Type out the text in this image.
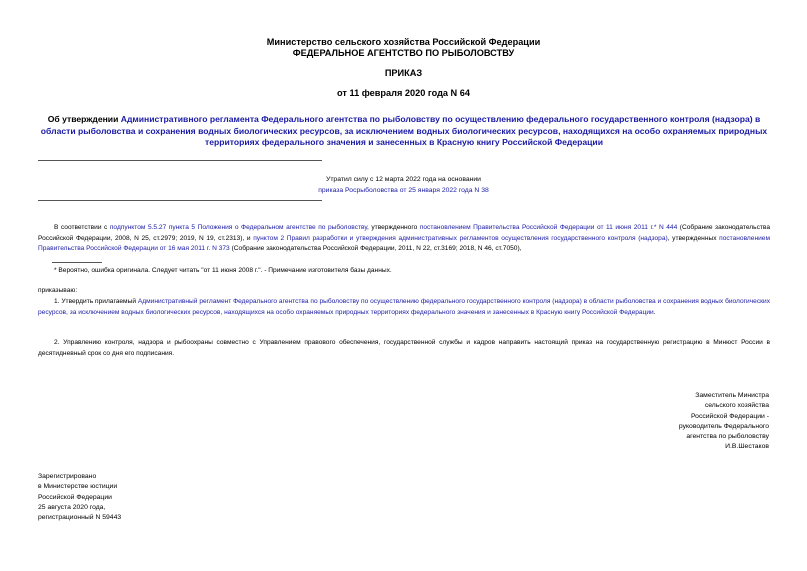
Министерство сельского хозяйства Российской Федерации
ФЕДЕРАЛЬНОЕ АГЕНТСТВО ПО РЫБОЛОВСТВУ
ПРИКАЗ
от 11 февраля 2020 года N 64
Об утверждении Административного регламента Федерального агентства по рыболовству по осуществлению федерального государственного контроля (надзора) в области рыболовства и сохранения водных биологических ресурсов, за исключением водных биологических ресурсов, находящихся на особо охраняемых природных территориях федерального значения и занесенных в Красную книгу Российской Федерации
Утратил силу с 12 марта 2022 года на основании
приказа Росрыболовства от 25 января 2022 года N 38
В соответствии с подпунктом 5.5.27 пункта 5 Положения о Федеральном агентстве по рыболовству, утвержденного постановлением Правительства Российской Федерации от 11 июня 2011 г.* N 444 (Собрание законодательства Российской Федерации, 2008, N 25, ст.2979; 2019, N 19, ст.2313), и пунктом 2 Правил разработки и утверждения административных регламентов осуществления государственного контроля (надзора), утвержденных постановлением Правительства Российской Федерации от 16 мая 2011 г. N 373 (Собрание законодательства Российской Федерации, 2011, N 22, ст.3169; 2018, N 46, ст.7050),
* Вероятно, ошибка оригинала. Следует читать "от 11 июня 2008 г.". - Примечание изготовителя базы данных.
приказываю:
1. Утвердить прилагаемый Административный регламент Федерального агентства по рыболовству по осуществлению федерального государственного контроля (надзора) в области рыболовства и сохранения водных биологических ресурсов, за исключением водных биологических ресурсов, находящихся на особо охраняемых природных территориях федерального значения и занесенных в Красную книгу Российской Федерации.
2. Управлению контроля, надзора и рыбоохраны совместно с Управлением правового обеспечения, государственной службы и кадров направить настоящий приказ на государственную регистрацию в Минюст России в десятидневный срок со дня его подписания.
Заместитель Министра
сельского хозяйства
Российской Федерации -
руководитель Федерального
агентства по рыболовству
И.В.Шестаков
Зарегистрировано
в Министерстве юстиции
Российской Федерации
25 августа 2020 года,
регистрационный N 59443
